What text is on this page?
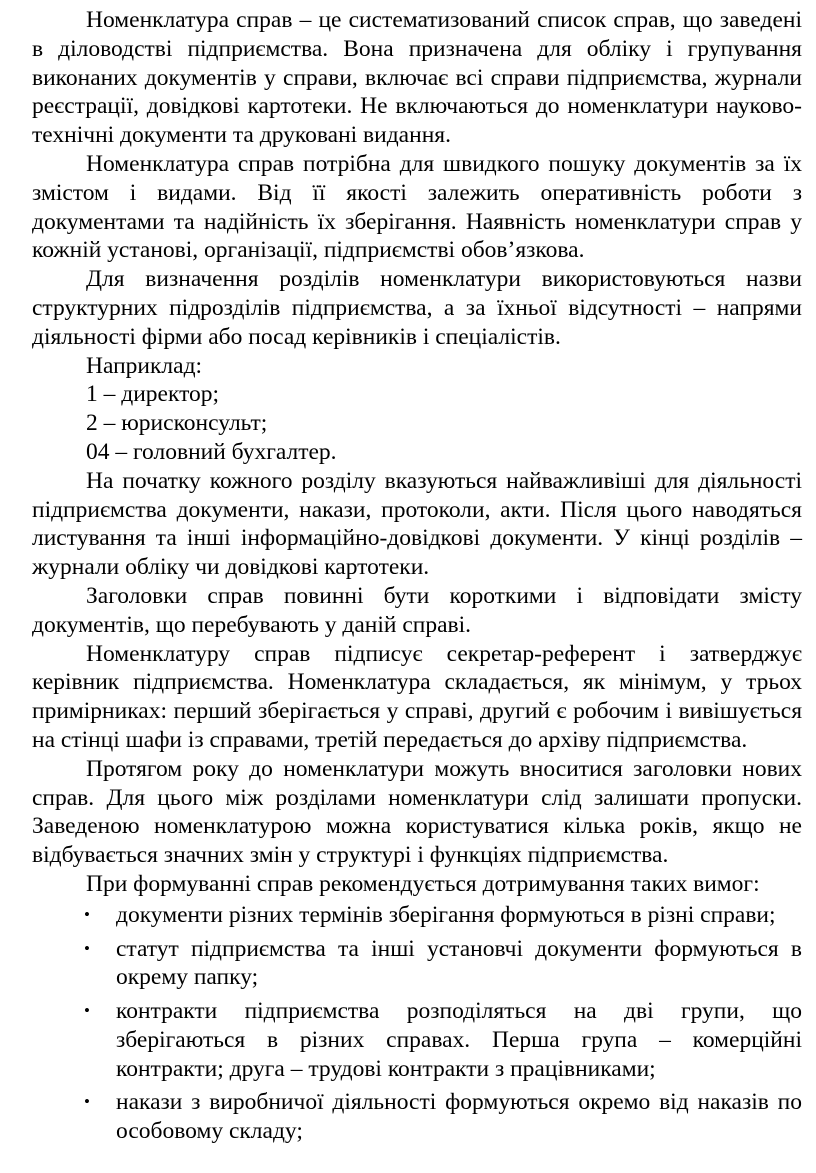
Номенклатура справ – це систематизований список справ, що заведені в діловодстві підприємства. Вона призначена для обліку і групування виконаних документів у справи, включає всі справи підприємства, журнали реєстрації, довідкові картотеки. Не включаються до номенклатури науково-технічні документи та друковані видання.

Номенклатура справ потрібна для швидкого пошуку документів за їх змістом і видами. Від її якості залежить оперативність роботи з документами та надійність їх зберігання. Наявність номенклатури справ у кожній установі, організації, підприємстві обов’язкова.

Для визначення розділів номенклатури використовуються назви структурних підрозділів підприємства, а за їхньої відсутності – напрями діяльності фірми або посад керівників і спеціалістів.

Наприклад:

1 – директор;

2 – юрисконсульт;

04 – головний бухгалтер.

На початку кожного розділу вказуються найважливіші для діяльності підприємства документи, накази, протоколи, акти. Після цього наводяться листування та інші інформаційно-довідкові документи. У кінці розділів – журнали обліку чи довідкові картотеки.

Заголовки справ повинні бути короткими і відповідати змісту документів, що перебувають у даній справі.

Номенклатуру справ підписує секретар-референт і затверджує керівник підприємства. Номенклатура складається, як мінімум, у трьох примірниках: перший зберігається у справі, другий є робочим і вивішується на стінці шафи із справами, третій передається до архіву підприємства.

Протягом року до номенклатури можуть вноситися заголовки нових справ. Для цього між розділами номенклатури слід залишати пропуски. Заведеною номенклатурою можна користуватися кілька років, якщо не відбувається значних змін у структурі і функціях підприємства.

При формуванні справ рекомендується дотримування таких вимог:

• документи різних термінів зберігання формуються в різні справи;
• статут підприємства та інші установчі документи формуються в окрему папку;
• контракти підприємства розподіляться на дві групи, що зберігаються в різних справах. Перша група – комерційні контракти; друга – трудові контракти з працівниками;
• накази з виробничої діяльності формуються окремо від наказів по особовому складу;
